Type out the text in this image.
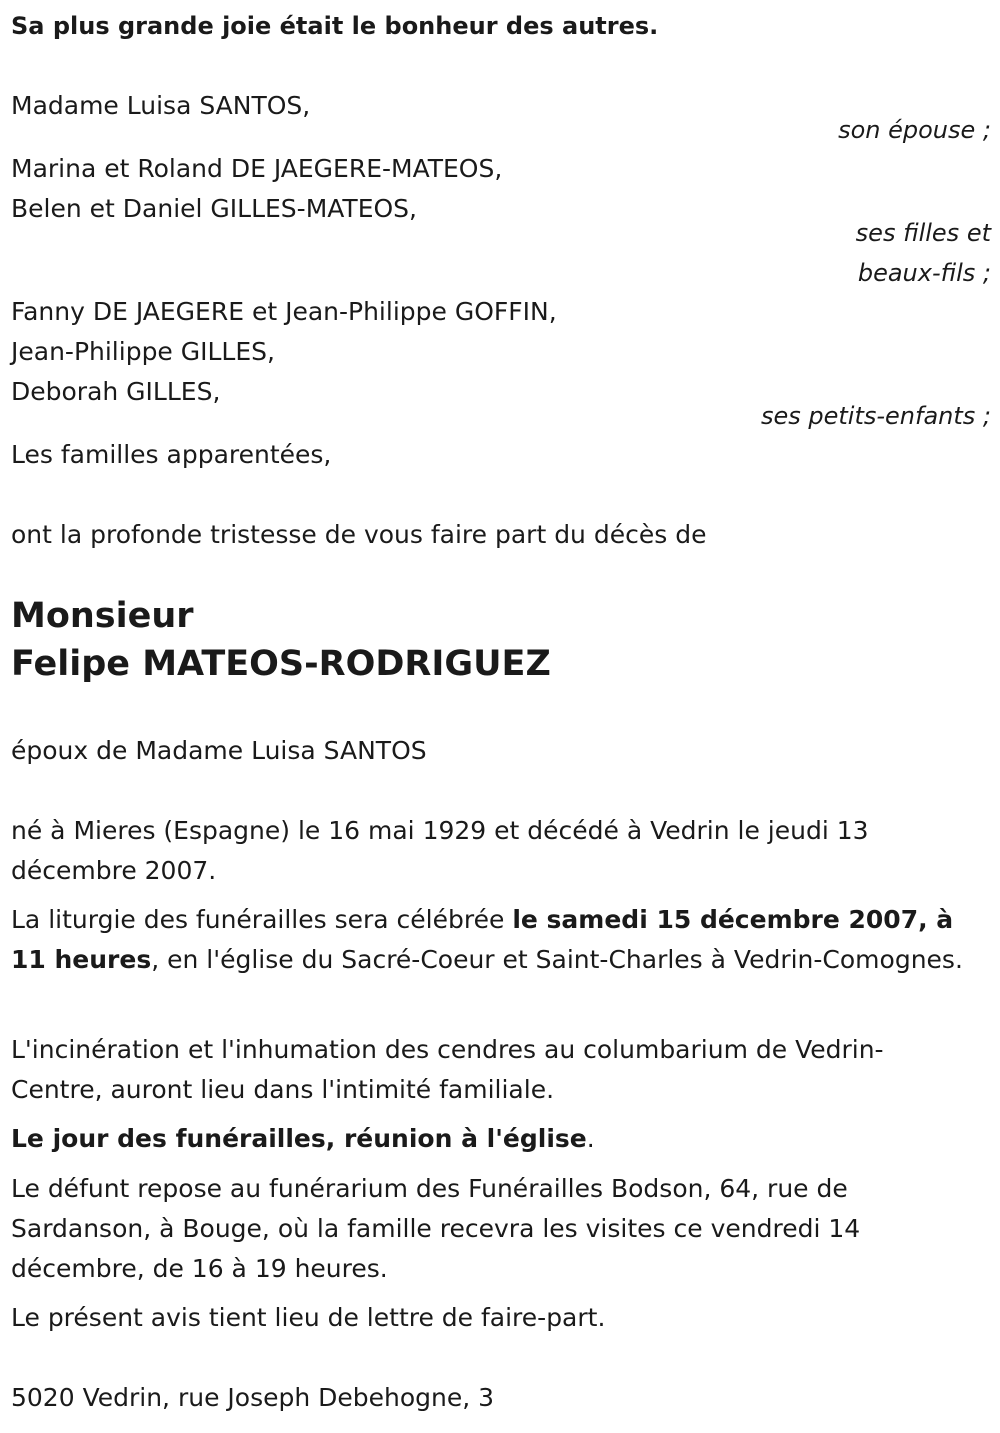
Sa plus grande joie était le bonheur des autres.
Madame Luisa SANTOS,
son épouse ;
Marina et Roland DE JAEGERE-MATEOS,
Belen et Daniel GILLES-MATEOS,
ses filles et
beaux-fils ;
Fanny DE JAEGERE et Jean-Philippe GOFFIN,
Jean-Philippe GILLES,
Deborah GILLES,
ses petits-enfants ;
Les familles apparentées,
ont la profonde tristesse de vous faire part du décès de
Monsieur
Felipe MATEOS-RODRIGUEZ
époux de Madame Luisa SANTOS
né à Mieres (Espagne) le 16 mai 1929 et décédé à Vedrin le jeudi 13 décembre 2007.
La liturgie des funérailles sera célébrée le samedi 15 décembre 2007, à 11 heures, en l'église du Sacré-Coeur et Saint-Charles à Vedrin-Comognes.
L'incinération et l'inhumation des cendres au columbarium de Vedrin-Centre, auront lieu dans l'intimité familiale.
Le jour des funérailles, réunion à l'église.
Le défunt repose au funérarium des Funérailles Bodson, 64, rue de Sardanson, à Bouge, où la famille recevra les visites ce vendredi 14 décembre, de 16 à 19 heures.
Le présent avis tient lieu de lettre de faire-part.
5020 Vedrin, rue Joseph Debehogne, 3
